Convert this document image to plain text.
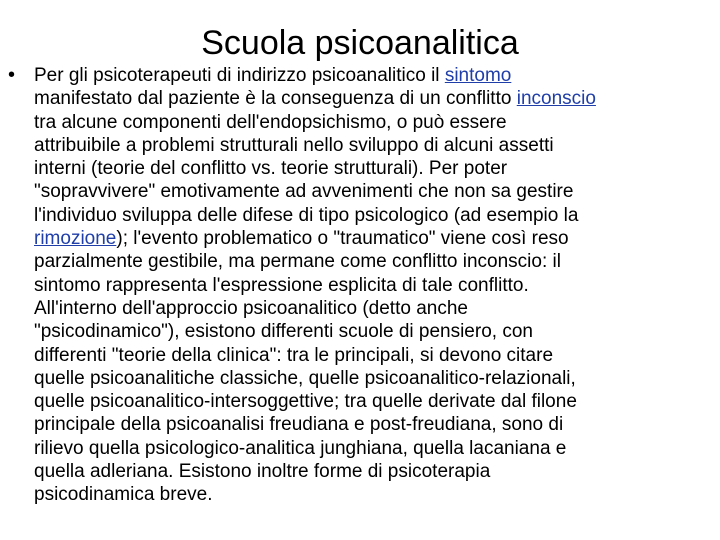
Scuola psicoanalitica
• Per gli psicoterapeuti di indirizzo psicoanalitico il sintomo
manifestato dal paziente è la conseguenza di un conflitto inconscio
tra alcune componenti dell'endopsichismo, o può essere
attribuibile a problemi strutturali nello sviluppo di alcuni assetti
interni (teorie del conflitto vs. teorie strutturali). Per poter
"sopravvivere" emotivamente ad avvenimenti che non sa gestire
l'individuo sviluppa delle difese di tipo psicologico (ad esempio la
rimozione); l'evento problematico o "traumatico" viene così reso
parzialmente gestibile, ma permane come conflitto inconscio: il
sintomo rappresenta l'espressione esplicita di tale conflitto.
All'interno dell'approccio psicoanalitico (detto anche
"psicodinamico"), esistono differenti scuole di pensiero, con
differenti "teorie della clinica": tra le principali, si devono citare
quelle psicoanalitiche classiche, quelle psicoanalitico-relazionali,
quelle psicoanalitico-intersoggettive; tra quelle derivate dal filone
principale della psicoanalisi freudiana e post-freudiana, sono di
rilievo quella psicologico-analitica junghiana, quella lacaniana e
quella adleriana. Esistono inoltre forme di psicoterapia
psicodinamica breve.
